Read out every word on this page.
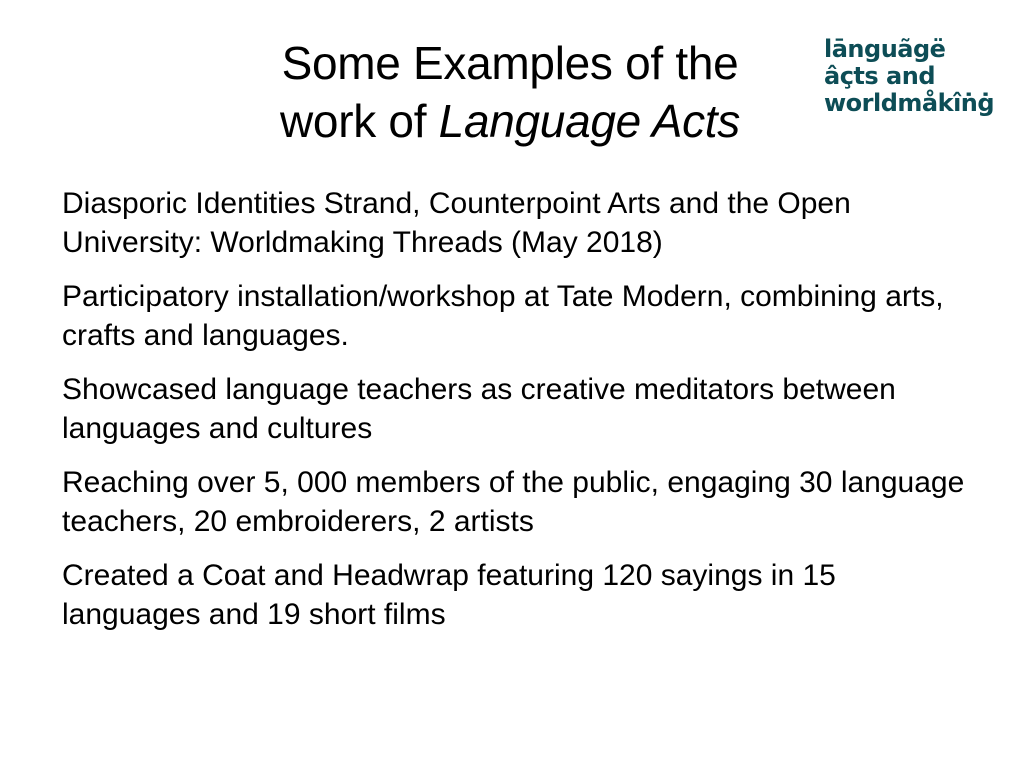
Some Examples of the
work of Language Acts
lānguãgë
âçts and
worldmåkîṅġ

Diasporic Identities Strand, Counterpoint Arts and the Open University: Worldmaking Threads (May 2018)

Participatory installation/workshop at Tate Modern, combining arts, crafts and languages.

Showcased language teachers as creative meditators between languages and cultures

Reaching over 5, 000 members of the public, engaging 30 language teachers, 20 embroiderers, 2 artists

Created a Coat and Headwrap featuring 120 sayings in 15 languages and 19 short films
